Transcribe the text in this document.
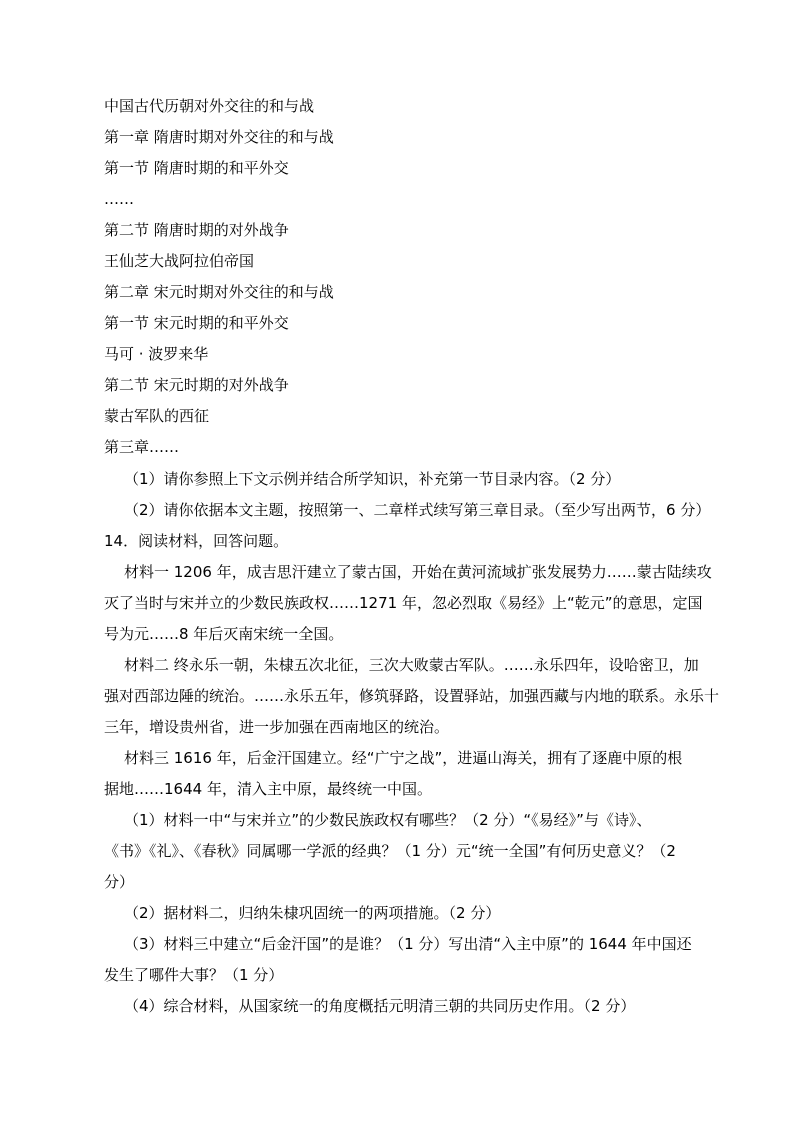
中国古代历朝对外交往的和与战
第一章 隋唐时期对外交往的和与战
第一节 隋唐时期的和平外交
……
第二节 隋唐时期的对外战争
王仙芝大战阿拉伯帝国
第二章 宋元时期对外交往的和与战
第一节 宋元时期的和平外交
马可 · 波罗来华
第二节 宋元时期的对外战争
蒙古军队的西征
第三章……
（1）请你参照上下文示例并结合所学知识，补充第一节目录内容。（2 分）
（2）请你依据本文主题，按照第一、二章样式续写第三章目录。（至少写出两节，6 分）
14．阅读材料，回答问题。
材料一 1206 年，成吉思汗建立了蒙古国，开始在黄河流域扩张发展势力……蒙古陆续攻
灭了当时与宋并立的少数民族政权……1271 年，忽必烈取《易经》上“乾元”的意思，定国
号为元……8 年后灭南宋统一全国。
材料二 终永乐一朝，朱棣五次北征，三次大败蒙古军队。……永乐四年，设哈密卫，加
强对西部边陲的统治。……永乐五年，修筑驿路，设置驿站，加强西藏与内地的联系。永乐十
三年，增设贵州省，进一步加强在西南地区的统治。
材料三 1616 年，后金汗国建立。经“广宁之战”，进逼山海关，拥有了逐鹿中原的根
据地……1644 年，清入主中原，最终统一中国。
（1）材料一中“与宋并立”的少数民族政权有哪些？（2 分）“《易经》”与《诗》、
《书》《礼》、《春秋》同属哪一学派的经典？（1 分）元“统一全国”有何历史意义？（2
分）
（2）据材料二，归纳朱棣巩固统一的两项措施。（2 分）
（3）材料三中建立“后金汗国”的是谁？（1 分）写出清“入主中原”的 1644 年中国还
发生了哪件大事？（1 分）
（4）综合材料，从国家统一的角度概括元明清三朝的共同历史作用。（2 分）
